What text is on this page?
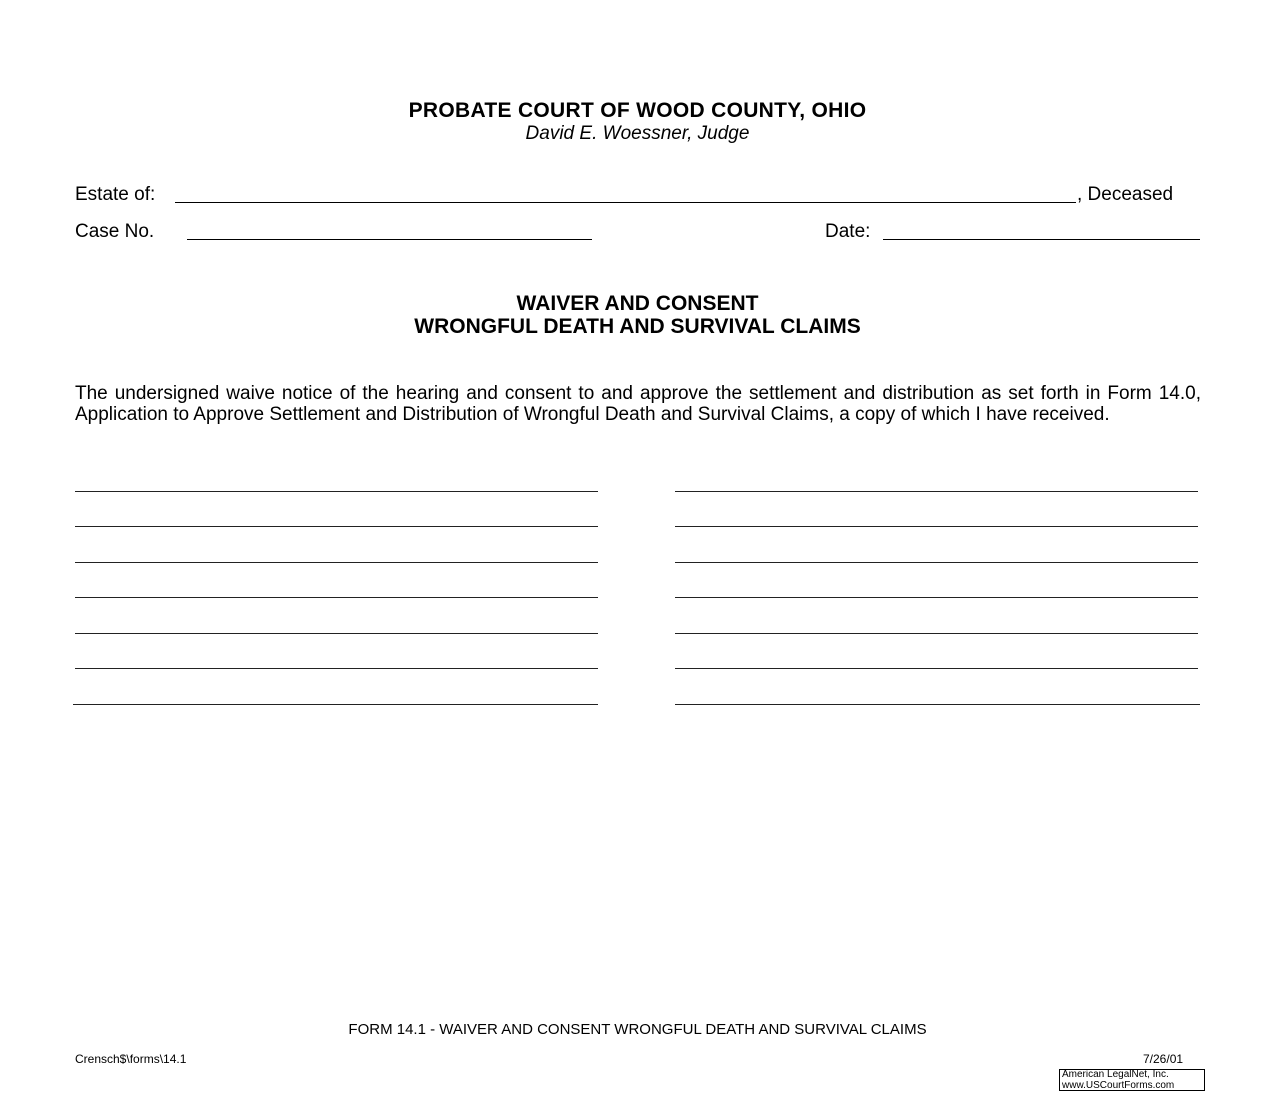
PROBATE COURT OF WOOD COUNTY, OHIO
David E. Woessner, Judge
Estate of:	, Deceased
Case No.	Date:
WAIVER AND CONSENT
WRONGFUL DEATH AND SURVIVAL CLAIMS
The undersigned waive notice of the hearing and consent to and approve the settlement and distribution as set forth in Form 14.0, Application to Approve Settlement and Distribution of Wrongful Death and Survival Claims, a copy of which I have received.
FORM 14.1 - WAIVER AND CONSENT WRONGFUL DEATH AND SURVIVAL CLAIMS
Crensch$\forms\14.1	7/26/01
American LegalNet, Inc.
www.USCourtForms.com
